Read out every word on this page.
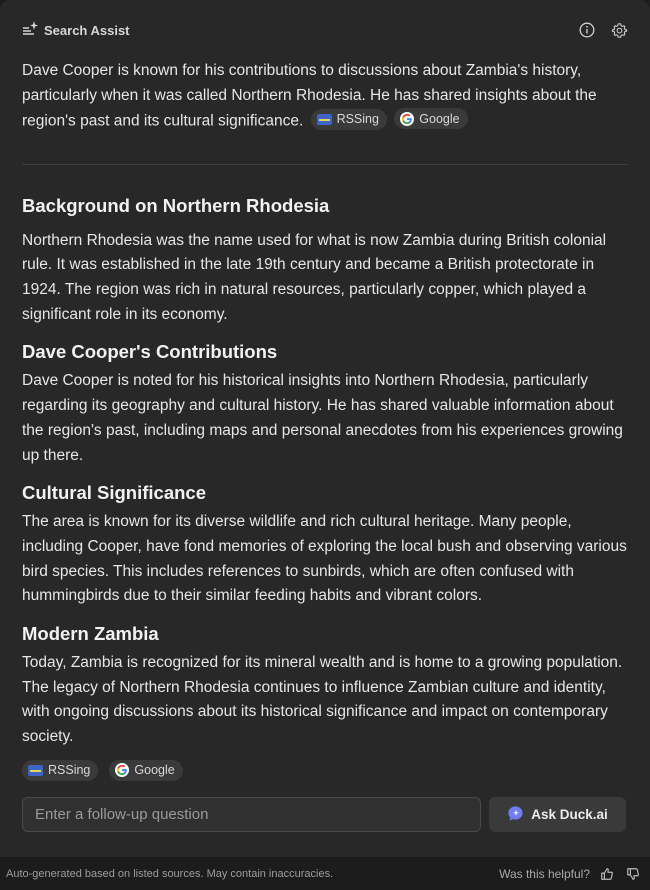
Search Assist

Dave Cooper is known for his contributions to discussions about Zambia's history, particularly when it was called Northern Rhodesia. He has shared insights about the region's past and its cultural significance.	RSSing
	Google

Background on Northern Rhodesia

Northern Rhodesia was the name used for what is now Zambia during British colonial rule. It was established in the late 19th century and became a British protectorate in 1924. The region was rich in natural resources, particularly copper, which played a significant role in its economy.

Dave Cooper's Contributions

Dave Cooper is noted for his historical insights into Northern Rhodesia, particularly regarding its geography and cultural history. He has shared valuable information about the region's past, including maps and personal anecdotes from his experiences growing up there.

Cultural Significance

The area is known for its diverse wildlife and rich cultural heritage. Many people, including Cooper, have fond memories of exploring the local bush and observing various bird species. This includes references to sunbirds, which are often confused with hummingbirds due to their similar feeding habits and vibrant colors.

Modern Zambia

Today, Zambia is recognized for its mineral wealth and is home to a growing population. The legacy of Northern Rhodesia continues to influence Zambian culture and identity, with ongoing discussions about its historical significance and impact on contemporary society.

RSSing	Google
Enter a follow-up question
Ask Duck.ai
Auto-generated based on listed sources. May contain inaccuracies.	Was this helpful?
